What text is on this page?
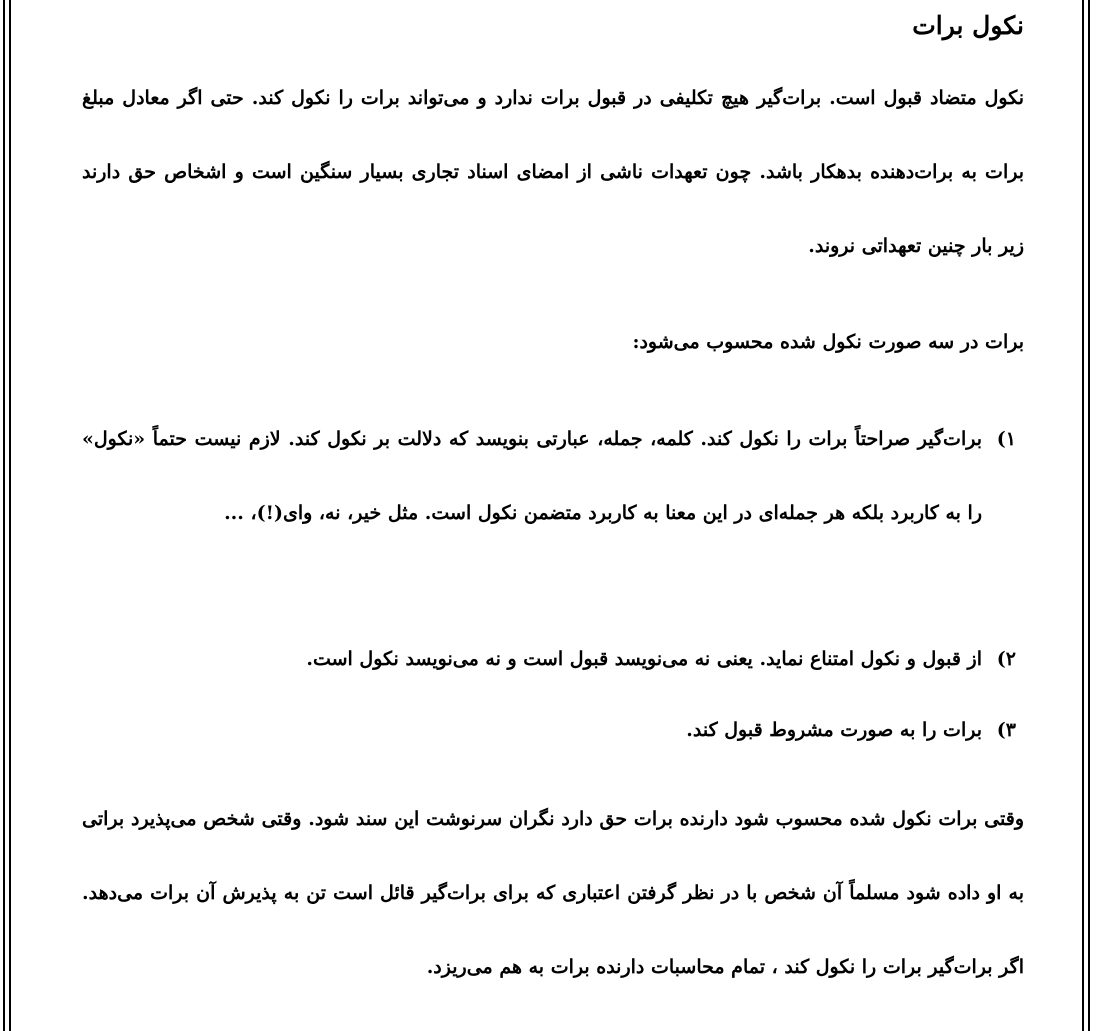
نکول برات

نکول متضاد قبول است. برات‌گیر هیچ تکلیفی در قبول برات ندارد و می‌تواند برات را نکول کند. حتی اگر معادل مبلغ برات به برات‌دهنده بدهکار باشد. چون تعهدات ناشی از امضای اسناد تجاری بسیار سنگین است و اشخاص حق دارند زیر بار چنین تعهداتی نروند.

برات در سه صورت نکول شده محسوب می‌شود:

۱)
برات‌گیر صراحتاً برات را نکول کند. کلمه، جمله، عبارتی بنویسد که دلالت بر نکول کند. لازم نیست حتماً «نکول» را به کاربرد بلکه هر جمله‌ای در این معنا به کاربرد متضمن نکول است. مثل خیر، نه، وای(!)، ...
۲)
از قبول و نکول امتناع نماید. یعنی نه می‌نویسد قبول است و نه می‌نویسد نکول است.
۳)
برات را به صورت مشروط قبول کند.

وقتی برات نکول شده محسوب شود دارنده برات حق دارد نگران سرنوشت این سند شود. وقتی شخص می‌پذیرد براتی به او داده شود مسلماً آن شخص با در نظر گرفتن اعتباری که برای برات‌گیر قائل است تن به پذیرش آن برات می‌دهد. اگر برات‌گیر برات را نکول کند ، تمام محاسبات دارنده برات به هم می‌ریزد.
